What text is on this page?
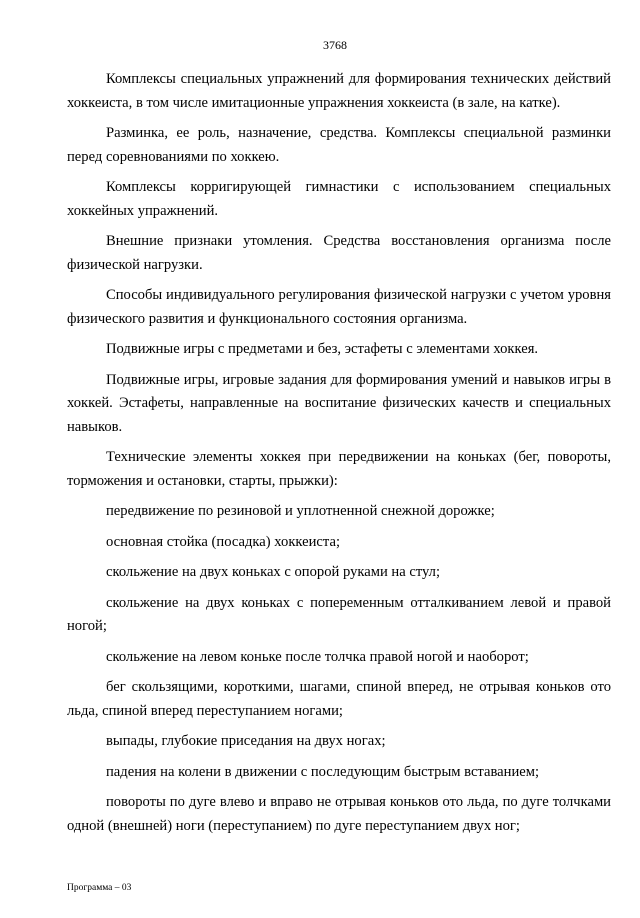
3768

Комплексы специальных упражнений для формирования технических действий хоккеиста, в том числе имитационные упражнения хоккеиста (в зале, на катке).

Разминка, ее роль, назначение, средства. Комплексы специальной разминки перед соревнованиями по хоккею.

Комплексы корригирующей гимнастики с использованием специальных хоккейных упражнений.

Внешние признаки утомления. Средства восстановления организма после физической нагрузки.

Способы индивидуального регулирования физической нагрузки с учетом уровня физического развития и функционального состояния организма.

Подвижные игры с предметами и без, эстафеты с элементами хоккея.

Подвижные игры, игровые задания для формирования умений и навыков игры в хоккей. Эстафеты, направленные на воспитание физических качеств и специальных навыков.

Технические элементы хоккея при передвижении на коньках (бег, повороты, торможения и остановки, старты, прыжки):

передвижение по резиновой и уплотненной снежной дорожке;

основная стойка (посадка) хоккеиста;

скольжение на двух коньках с опорой руками на стул;

скольжение на двух коньках с попеременным отталкиванием левой и правой ногой;

скольжение на левом коньке после толчка правой ногой и наоборот;

бег скользящими, короткими, шагами, спиной вперед, не отрывая коньков ото льда, спиной вперед переступанием ногами;

выпады, глубокие приседания на двух ногах;

падения на колени в движении с последующим быстрым вставанием;

повороты по дуге влево и вправо не отрывая коньков ото льда, по дуге толчками одной (внешней) ноги (переступанием) по дуге переступанием двух ног;

Программа – 03
